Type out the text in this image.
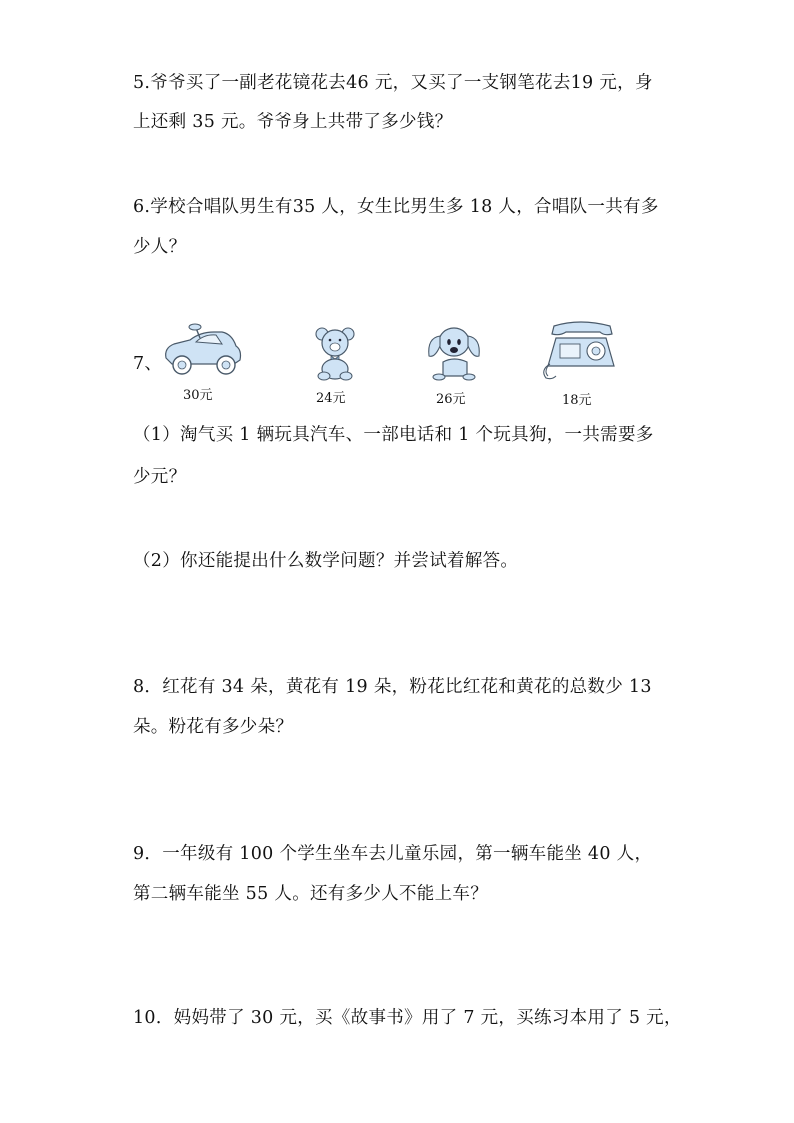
5.爷爷买了一副老花镜花去46 元，又买了一支钢笔花去19 元，身
上还剩 35 元。爷爷身上共带了多少钱？
6.学校合唱队男生有35 人，女生比男生多 18 人，合唱队一共有多
少人？
7、
30元	24元	26元	18元
（1）淘气买 1 辆玩具汽车、一部电话和 1 个玩具狗，一共需要多
少元？
（2）你还能提出什么数学问题？并尝试着解答。
8．红花有 34 朵，黄花有 19 朵，粉花比红花和黄花的总数少 13
朵。粉花有多少朵？
9．一年级有 100 个学生坐车去儿童乐园，第一辆车能坐 40 人，
第二辆车能坐 55 人。还有多少人不能上车？
10．妈妈带了 30 元，买《故事书》用了 7 元，买练习本用了 5 元，
